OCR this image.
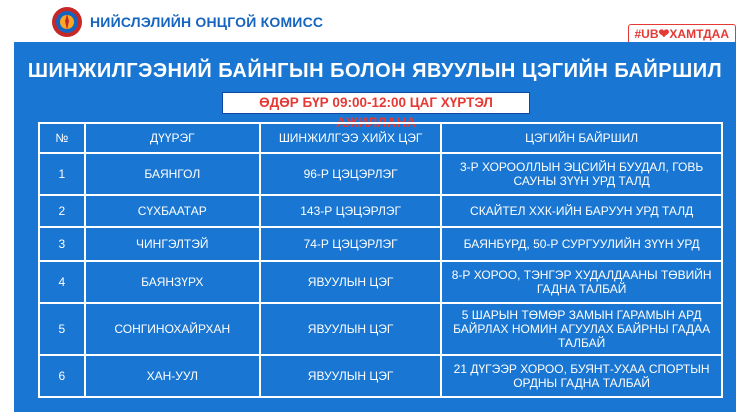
НИЙСЛЭЛИЙН ОНЦГОЙ КОМИСС
#UB❤ХАМТДАА
ШИНЖИЛГЭЭНИЙ БАЙНГЫН БОЛОН ЯВУУЛЫН ЦЭГИЙН БАЙРШИЛ
ӨДӨР БҮР 09:00-12:00 ЦАГ ХҮРТЭЛ АЖИЛЛАНА
№	ДҮҮРЭГ	ШИНЖИЛГЭЭ ХИЙХ ЦЭГ	ЦЭГИЙН БАЙРШИЛ
1	БАЯНГОЛ	96-Р ЦЭЦЭРЛЭГ	3-Р ХОРООЛЛЫН ЭЦСИЙН БУУДАЛ, ГОВЬ САУНЫ ЗҮҮН УРД ТАЛД
2	СҮХБААТАР	143-Р ЦЭЦЭРЛЭГ	СКАЙТЕЛ ХХК-ИЙН БАРУУН УРД ТАЛД
3	ЧИНГЭЛТЭЙ	74-Р ЦЭЦЭРЛЭГ	БАЯНБҮРД, 50-Р СУРГУУЛИЙН ЗҮҮН УРД
4	БАЯНЗҮРХ	ЯВУУЛЫН ЦЭГ	8-Р ХОРОО, ТЭНГЭР ХУДАЛДААНЫ ТӨВИЙН ГАДНА ТАЛБАЙ
5	СОНГИНОХАЙРХАН	ЯВУУЛЫН ЦЭГ	5 ШАРЫН ТӨМӨР ЗАМЫН ГАРАМЫН АРД БАЙРЛАХ НОМИН АГУУЛАХ БАЙРНЫ ГАДАА ТАЛБАЙ
6	ХАН-УУЛ	ЯВУУЛЫН ЦЭГ	21 ДҮГЭЭР ХОРОО, БУЯНТ-УХАА СПОРТЫН ОРДНЫ ГАДНА ТАЛБАЙ
